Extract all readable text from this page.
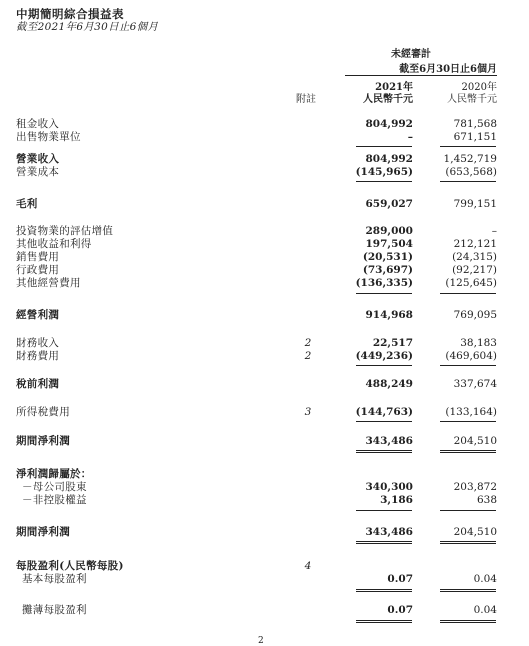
中期簡明綜合損益表
截至2021年6月30日止6個月
未經審計
截至6月30日止6個月
2021年	2020年
附註	人民幣千元	人民幣千元
租金收入	804,992	781,568
出售物業單位	–	671,151
營業收入	804,992	1,452,719
營業成本	(145,965)	(653,568)
毛利	659,027	799,151
投資物業的評估增值	289,000	–
其他收益和利得	197,504	212,121
銷售費用	(20,531)	(24,315)
行政費用	(73,697)	(92,217)
其他經營費用	(136,335)	(125,645)
經營利潤	914,968	769,095
財務收入	2	22,517	38,183
財務費用	2	(449,236)	(469,604)
稅前利潤	488,249	337,674
所得稅費用	3	(144,763)	(133,164)
期間淨利潤	343,486	204,510
淨利潤歸屬於：
－母公司股東	340,300	203,872
－非控股權益	3,186	638
期間淨利潤	343,486	204,510
每股盈利(人民幣每股)	4
基本每股盈利	0.07	0.04
攤薄每股盈利	0.07	0.04
2
